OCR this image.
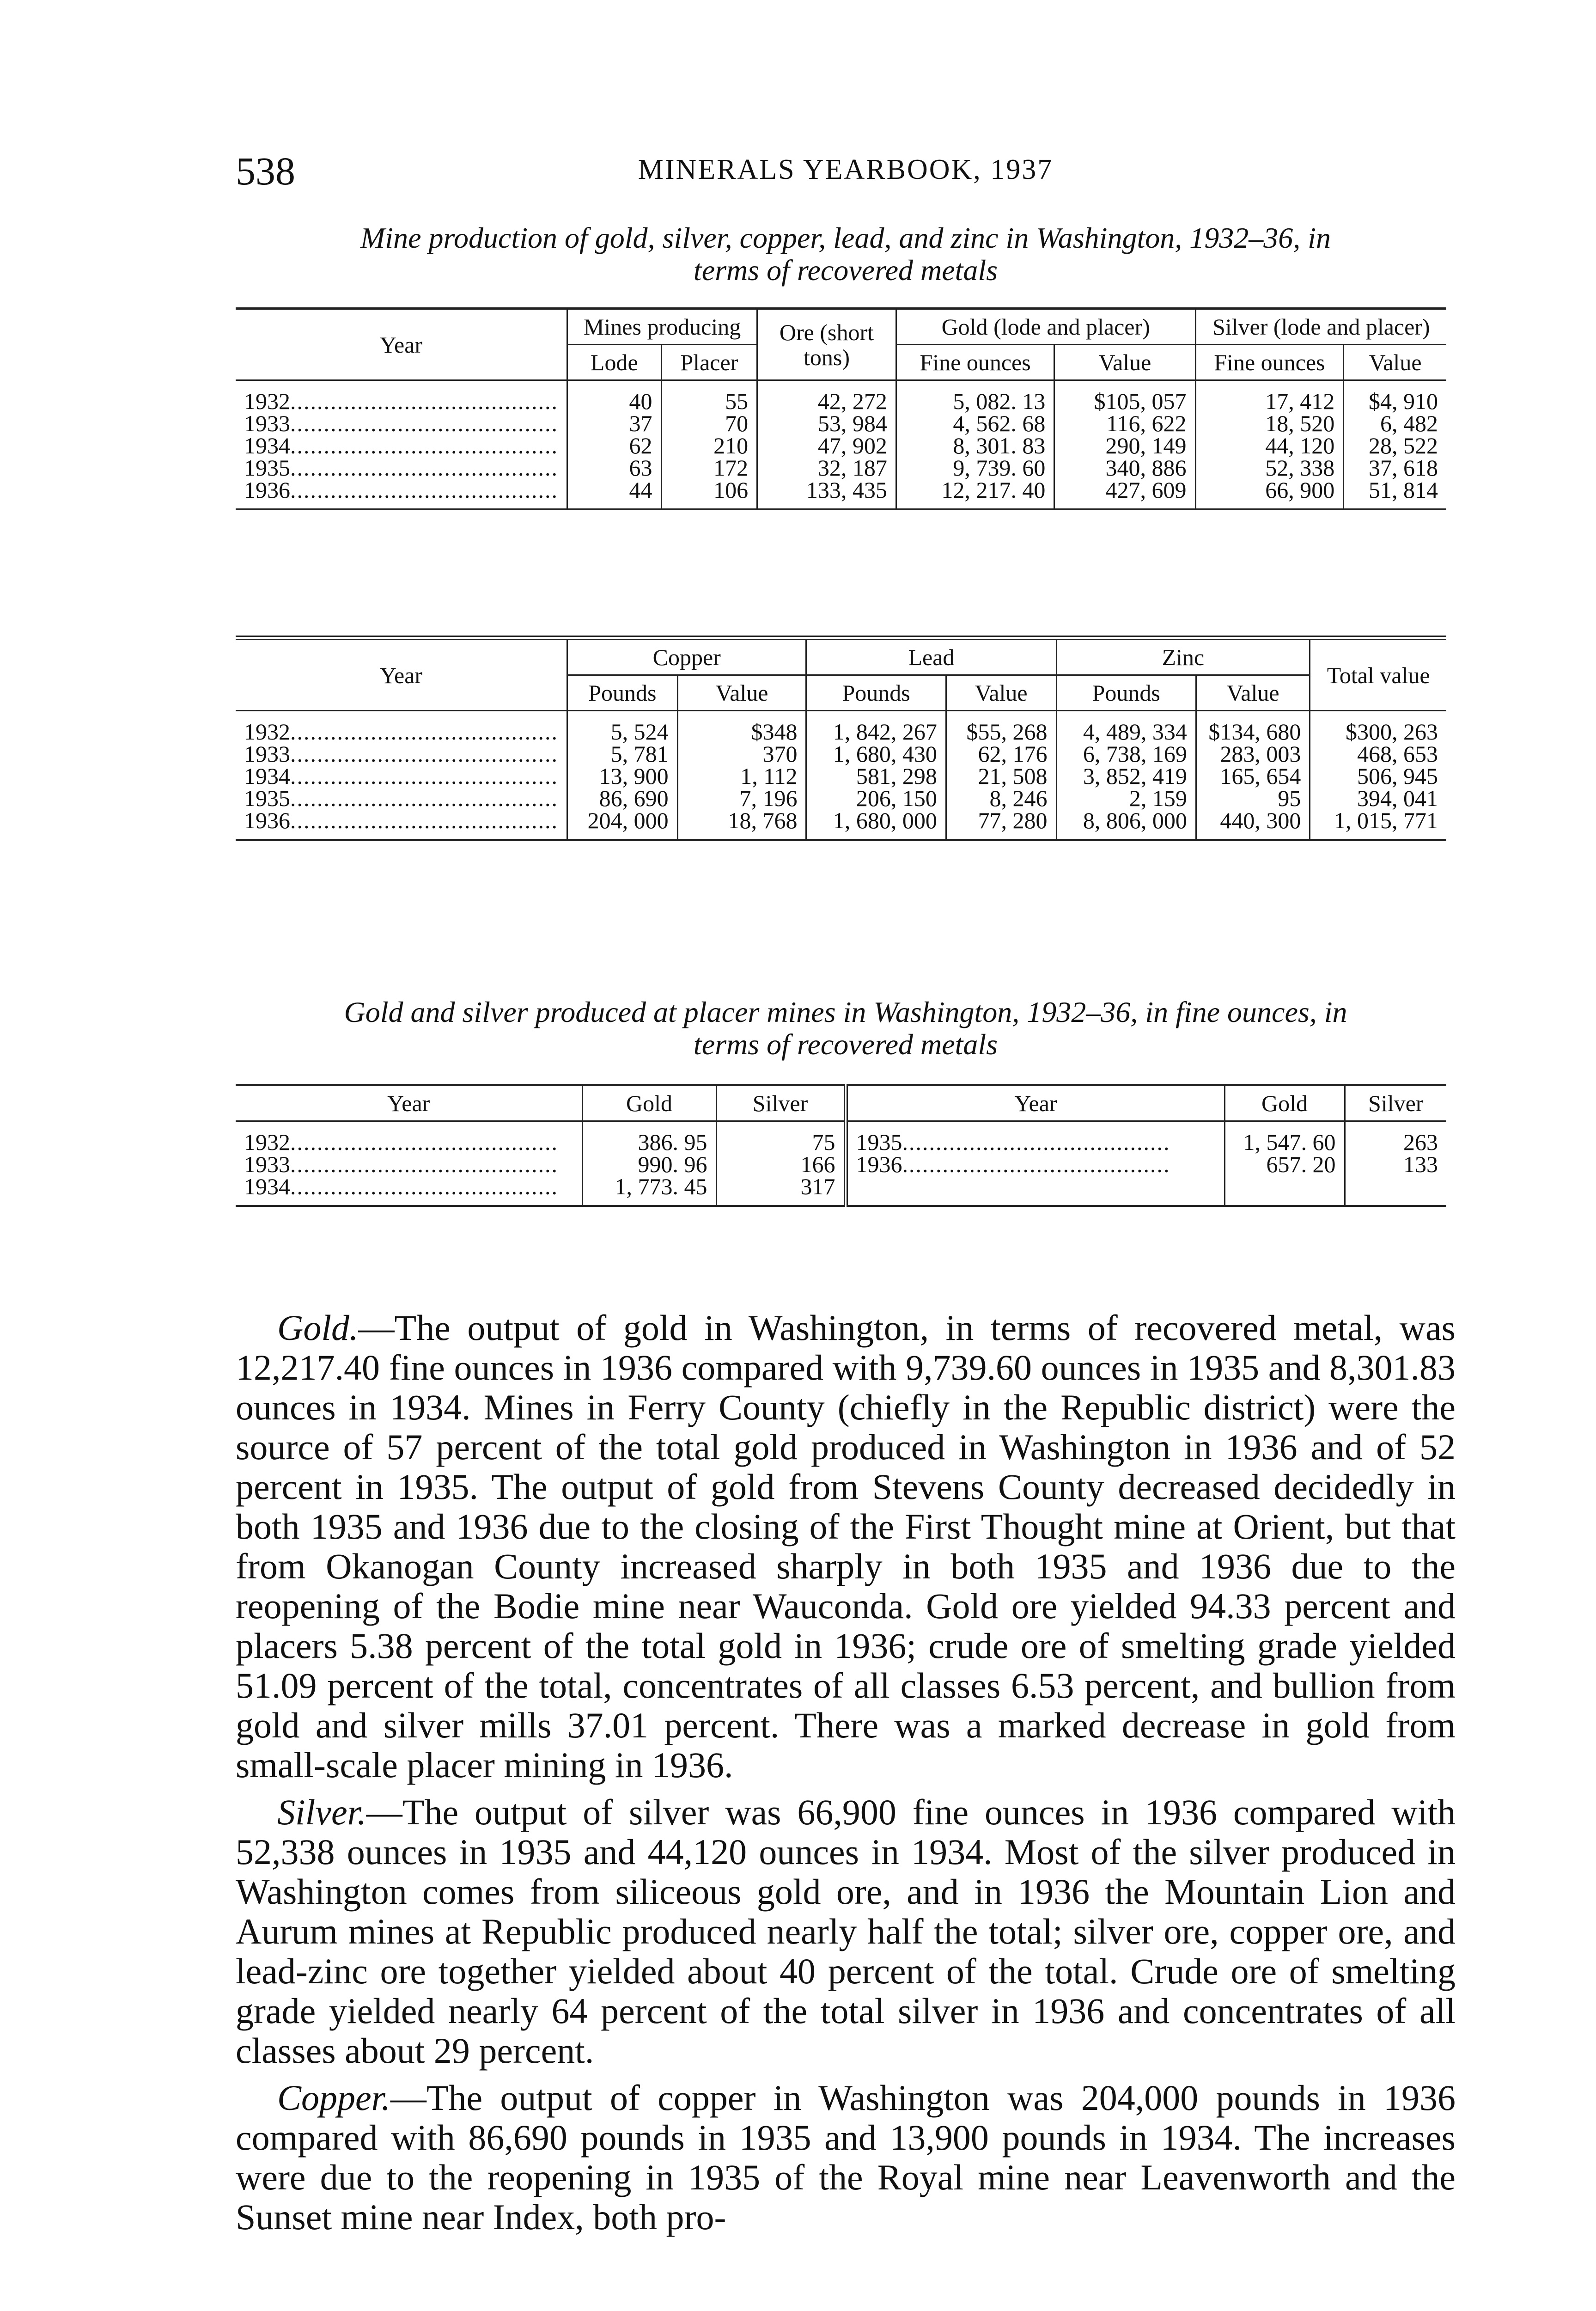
538	MINERALS YEARBOOK, 1937
Mine production of gold, silver, copper, lead, and zinc in Washington, 1932–36, in
terms of recovered metals
Year	Mines producing		Ore (short tons)	Gold (lode and placer)		Silver (lode and placer)	
	Lode	Placer		Fine ounces	Value	Fine ounces	Value
1932........................................	40	55	42, 272	5, 082. 13	$105, 057	17, 412	$4, 910
1933........................................	37	70	53, 984	4, 562. 68	116, 622	18, 520	6, 482
1934........................................	62	210	47, 902	8, 301. 83	290, 149	44, 120	28, 522
1935........................................	63	172	32, 187	9, 739. 60	340, 886	52, 338	37, 618
1936........................................	44	106	133, 435	12, 217. 40	427, 609	66, 900	51, 814
Year	Copper		Lead		Zinc		Total value
	Pounds	Value	Pounds	Value	Pounds	Value	
1932........................................	5, 524	$348	1, 842, 267	$55, 268	4, 489, 334	$134, 680	$300, 263
1933........................................	5, 781	370	1, 680, 430	62, 176	6, 738, 169	283, 003	468, 653
1934........................................	13, 900	1, 112	581, 298	21, 508	3, 852, 419	165, 654	506, 945
1935........................................	86, 690	7, 196	206, 150	8, 246	2, 159	95	394, 041
1936........................................	204, 000	18, 768	1, 680, 000	77, 280	8, 806, 000	440, 300	1, 015, 771
Gold and silver produced at placer mines in Washington, 1932–36, in fine ounces, in
terms of recovered metals
Year	Gold	Silver	Year	Gold	Silver
1932........................................	386. 95	75	1935........................................	1, 547. 60	263
1933........................................	990. 96	166	1936........................................	657. 20	133
1934........................................	1, 773. 45	317			

Gold.—The output of gold in Washington, in terms of recovered metal, was 12,217.40 fine ounces in 1936 compared with 9,739.60 ounces in 1935 and 8,301.83 ounces in 1934. Mines in Ferry County (chiefly in the Republic district) were the source of 57 percent of the total gold produced in Washington in 1936 and of 52 percent in 1935. The output of gold from Stevens County decreased decidedly in both 1935 and 1936 due to the closing of the First Thought mine at Orient, but that from Okanogan County increased sharply in both 1935 and 1936 due to the reopening of the Bodie mine near Wauconda. Gold ore yielded 94.33 percent and placers 5.38 percent of the total gold in 1936; crude ore of smelting grade yielded 51.09 percent of the total, concentrates of all classes 6.53 percent, and bullion from gold and silver mills 37.01 percent. There was a marked decrease in gold from small-scale placer mining in 1936.

Silver.—The output of silver was 66,900 fine ounces in 1936 compared with 52,338 ounces in 1935 and 44,120 ounces in 1934. Most of the silver produced in Washington comes from siliceous gold ore, and in 1936 the Mountain Lion and Aurum mines at Republic produced nearly half the total; silver ore, copper ore, and lead-zinc ore together yielded about 40 percent of the total. Crude ore of smelting grade yielded nearly 64 percent of the total silver in 1936 and concentrates of all classes about 29 percent.

Copper.—The output of copper in Washington was 204,000 pounds in 1936 compared with 86,690 pounds in 1935 and 13,900 pounds in 1934. The increases were due to the reopening in 1935 of the Royal mine near Leavenworth and the Sunset mine near Index, both pro-
